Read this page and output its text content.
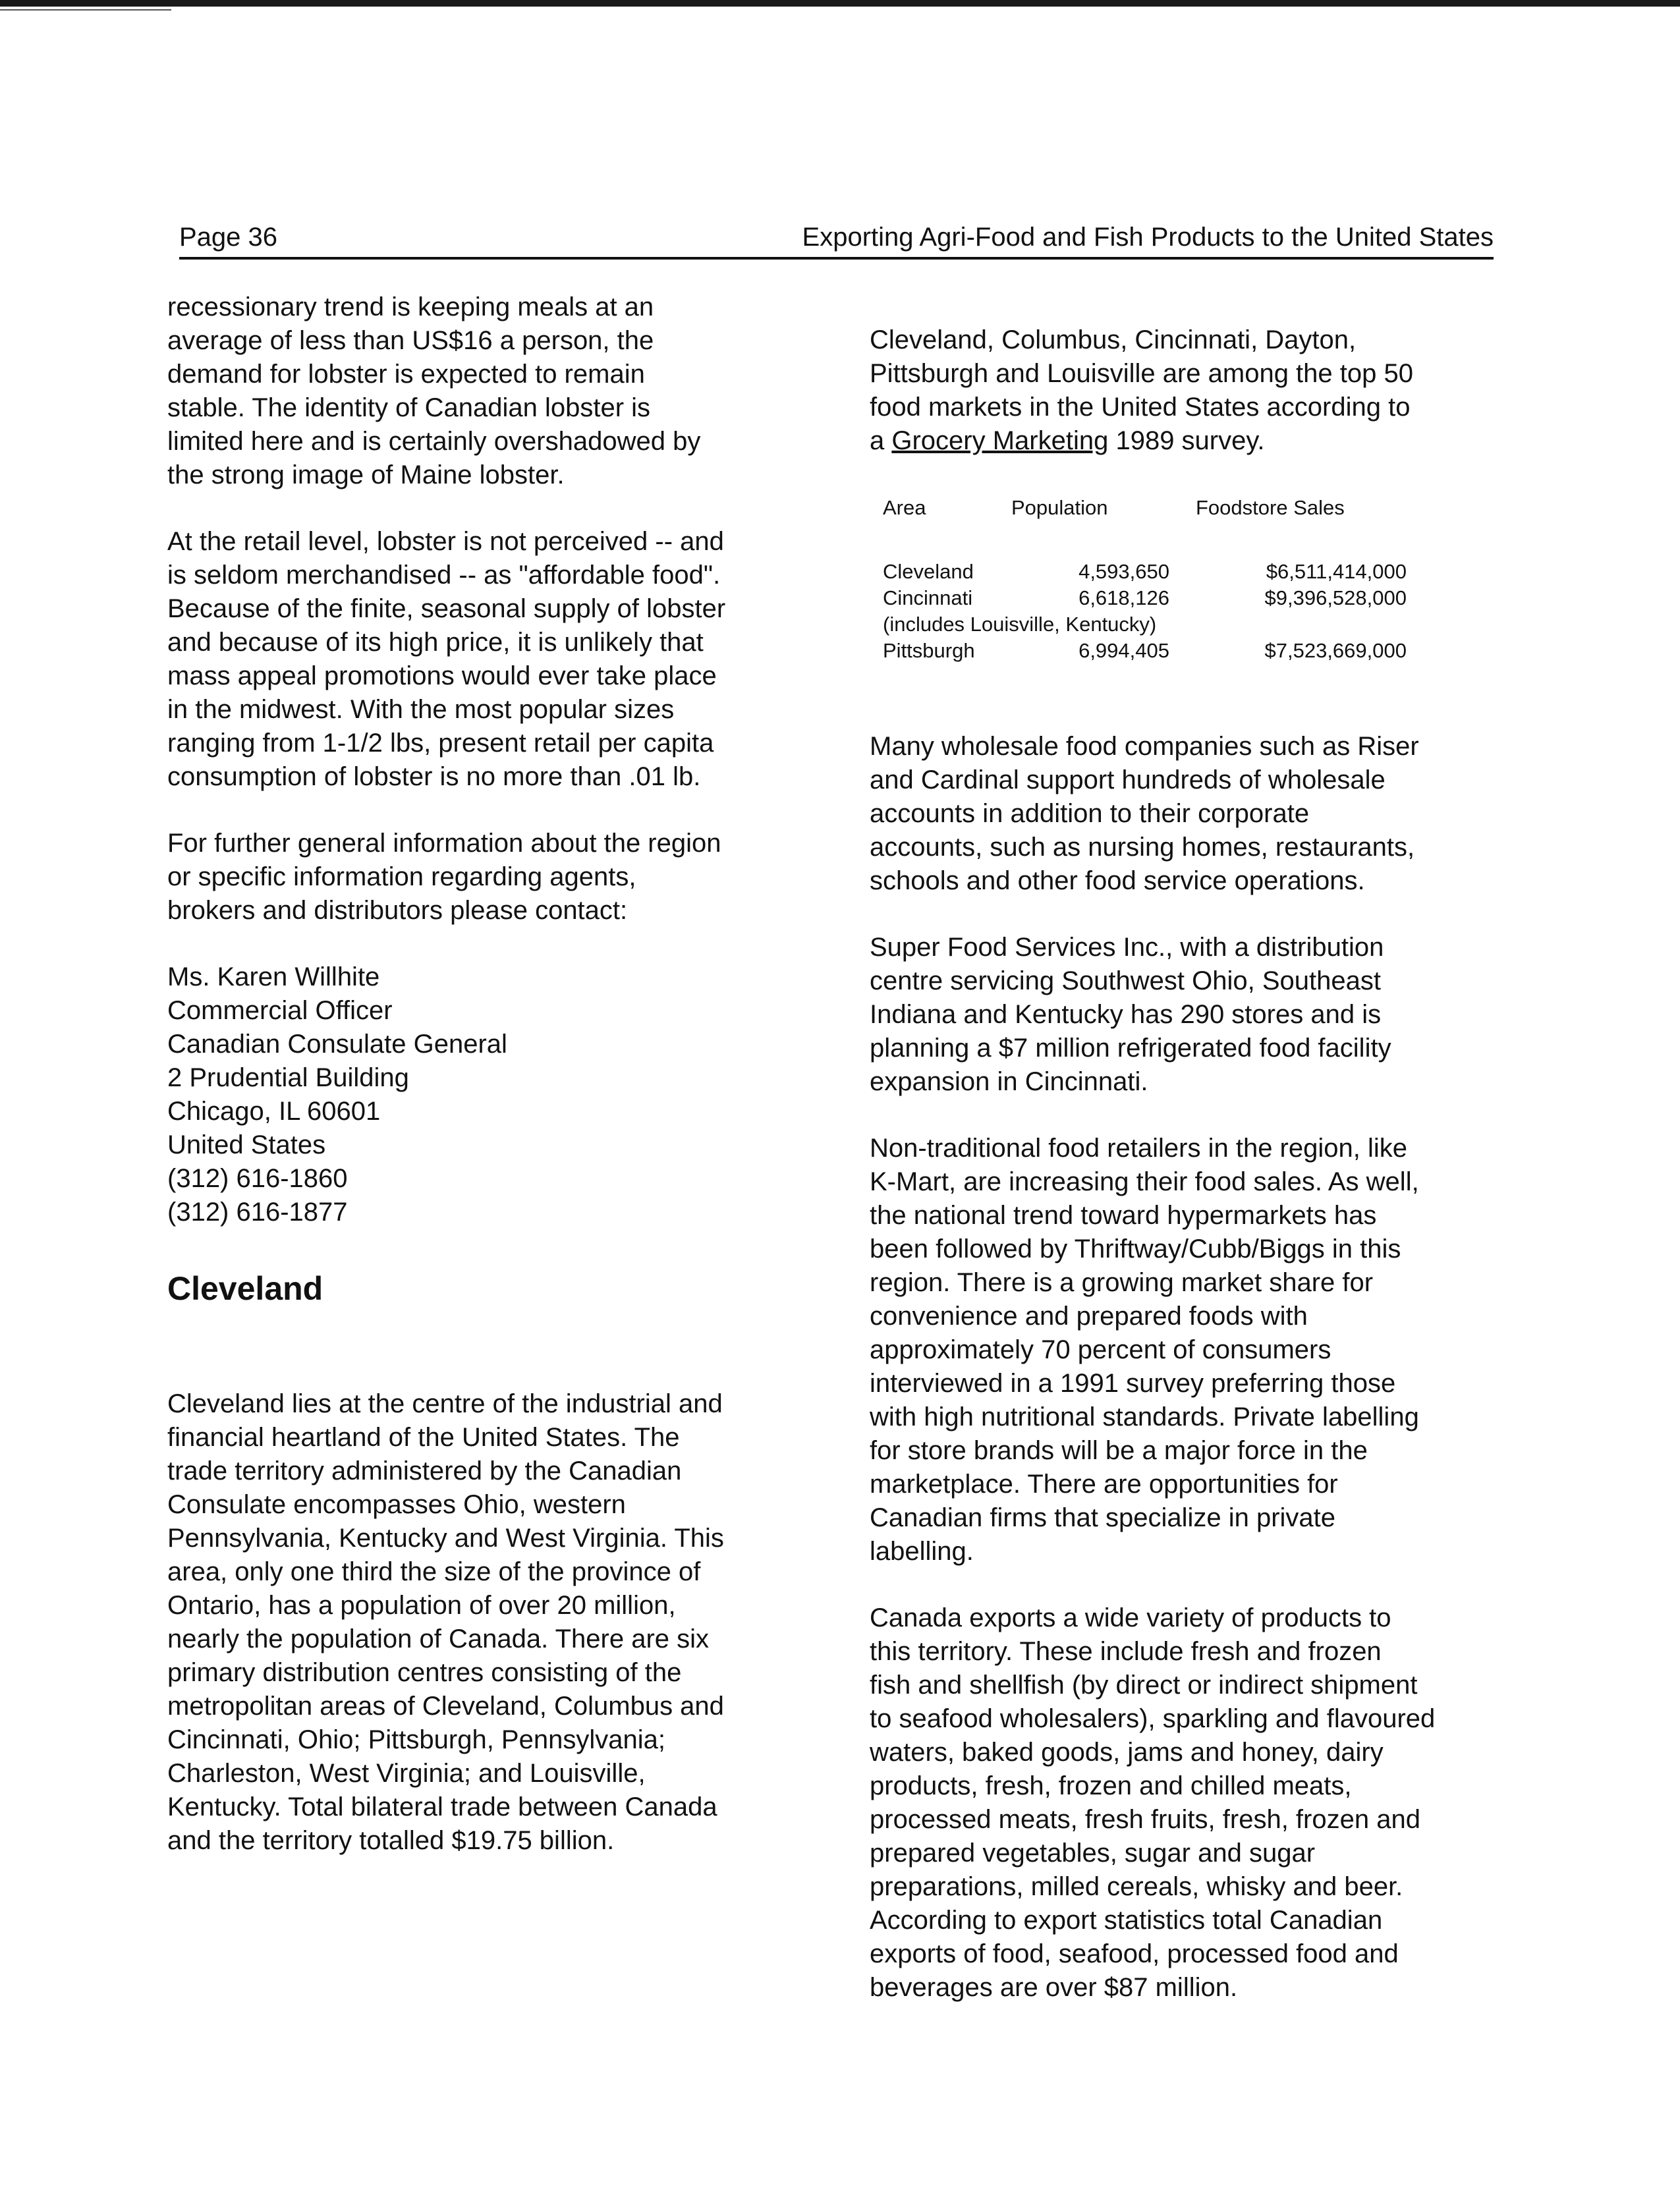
Page 36	Exporting Agri-Food and Fish Products to the United States

recessionary trend is keeping meals at an
average of less than US$16 a person, the
demand for lobster is expected to remain
stable. The identity of Canadian lobster is
limited here and is certainly overshadowed by
the strong image of Maine lobster.

At the retail level, lobster is not perceived -- and
is seldom merchandised -- as "affordable food".
Because of the finite, seasonal supply of lobster
and because of its high price, it is unlikely that
mass appeal promotions would ever take place
in the midwest. With the most popular sizes
ranging from 1-1/2 lbs, present retail per capita
consumption of lobster is no more than .01 lb.

For further general information about the region
or specific information regarding agents,
brokers and distributors please contact:

Ms. Karen Willhite
Commercial Officer
Canadian Consulate General
2 Prudential Building
Chicago, IL 60601
United States
(312) 616-1860
(312) 616-1877
Cleveland

Cleveland lies at the centre of the industrial and
financial heartland of the United States. The
trade territory administered by the Canadian
Consulate encompasses Ohio, western
Pennsylvania, Kentucky and West Virginia. This
area, only one third the size of the province of
Ontario, has a population of over 20 million,
nearly the population of Canada. There are six
primary distribution centres consisting of the
metropolitan areas of Cleveland, Columbus and
Cincinnati, Ohio; Pittsburgh, Pennsylvania;
Charleston, West Virginia; and Louisville,
Kentucky. Total bilateral trade between Canada
and the territory totalled $19.75 billion.

Cleveland, Columbus, Cincinnati, Dayton,
Pittsburgh and Louisville are among the top 50
food markets in the United States according to
a Grocery Marketing 1989 survey.

Area	Population	Foodstore Sales
Cleveland	4,593,650	$6,511,414,000
Cincinnati	6,618,126	$9,396,528,000
(includes Louisville, Kentucky)		
Pittsburgh	6,994,405	$7,523,669,000

Many wholesale food companies such as Riser
and Cardinal support hundreds of wholesale
accounts in addition to their corporate
accounts, such as nursing homes, restaurants,
schools and other food service operations.

Super Food Services Inc., with a distribution
centre servicing Southwest Ohio, Southeast
Indiana and Kentucky has 290 stores and is
planning a $7 million refrigerated food facility
expansion in Cincinnati.

Non-traditional food retailers in the region, like
K-Mart, are increasing their food sales. As well,
the national trend toward hypermarkets has
been followed by Thriftway/Cubb/Biggs in this
region. There is a growing market share for
convenience and prepared foods with
approximately 70 percent of consumers
interviewed in a 1991 survey preferring those
with high nutritional standards. Private labelling
for store brands will be a major force in the
marketplace. There are opportunities for
Canadian firms that specialize in private
labelling.

Canada exports a wide variety of products to
this territory. These include fresh and frozen
fish and shellfish (by direct or indirect shipment
to seafood wholesalers), sparkling and flavoured
waters, baked goods, jams and honey, dairy
products, fresh, frozen and chilled meats,
processed meats, fresh fruits, fresh, frozen and
prepared vegetables, sugar and sugar
preparations, milled cereals, whisky and beer.
According to export statistics total Canadian
exports of food, seafood, processed food and
beverages are over $87 million.
